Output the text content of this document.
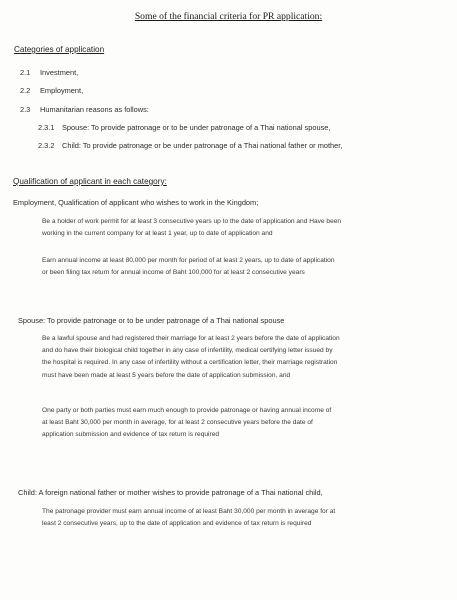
Some of the financial criteria for PR application:
Categories of application
2.1 Investment,
2.2 Employment,
2.3 Humanitarian reasons as follows:
2.3.1 Spouse: To provide patronage or to be under patronage of a Thai national spouse,
2.3.2 Child: To provide patronage or be under patronage of a Thai national father or mother,
Qualification of applicant in each category:
Employment, Qualification of applicant who wishes to work in the Kingdom;
Be a holder of work permit for at least 3 consecutive years up to the date of application and Have been
working in the current company for at least 1 year, up to date of application and
Earn annual income at least 80,000 per month for period of at least 2 years, up to date of application
or been filing tax return for annual income of Baht 100,000 for at least 2 consecutive years
Spouse: To provide patronage or to be under patronage of a Thai national spouse
Be a lawful spouse and had registered their marriage for at least 2 years before the date of application
and do have their biological child together in any case of infertility, medical certifying letter issued by
the hospital is required. In any case of infertility without a certification letter, their marriage registration
must have been made at least 5 years before the date of application submission, and
One party or both parties must earn much enough to provide patronage or having annual income of
at least Baht 30,000 per month in average, for at least 2 consecutive years before the date of
application submission and evidence of tax return is required
Child: A foreign national father or mother wishes to provide patronage of a Thai national child,
The patronage provider must earn annual income of at least Baht 30,000 per month in average for at
least 2 consecutive years, up to the date of application and evidence of tax return is required
